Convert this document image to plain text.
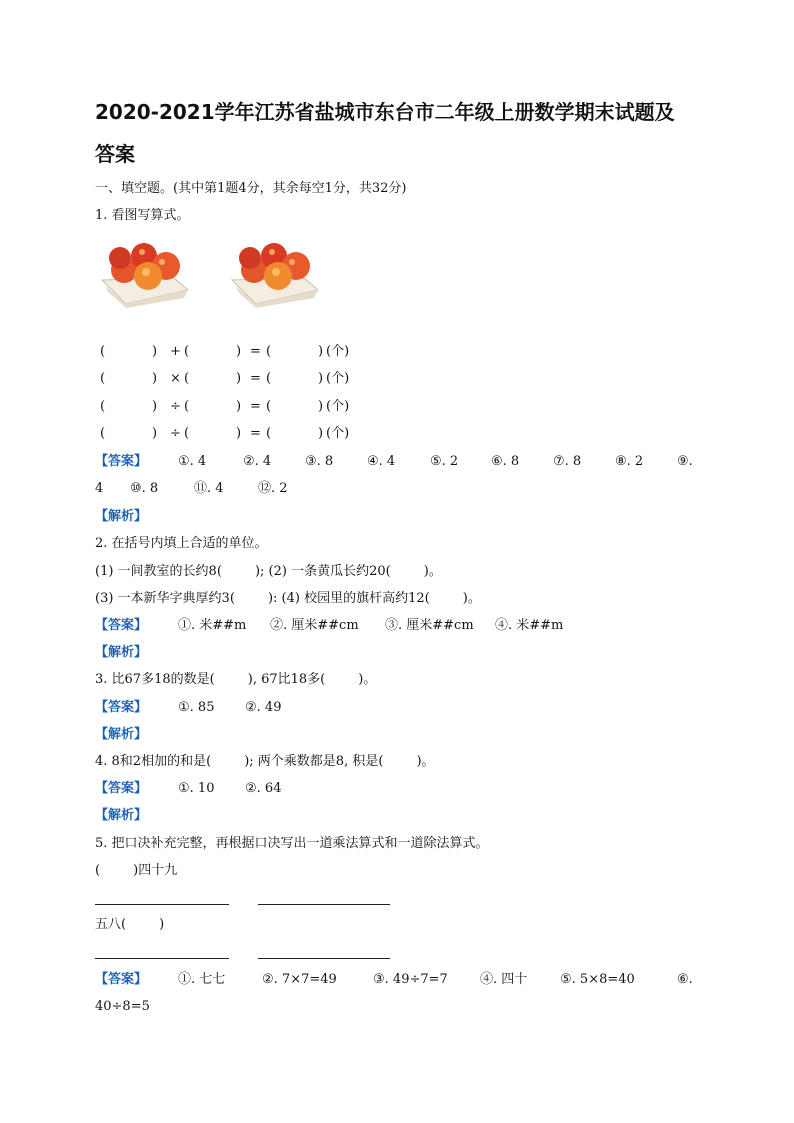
2020-2021学年江苏省盐城市东台市二年级上册数学期末试题及
答案
一、填空题。(其中第1题4分，其余每空1分，共32分)
1. 看图写算式。
(	) + (	) = (	) (个)
(	) × (	) = (	) (个)
(	) ÷ (	) = (	) (个)
(	) ÷ (	) = (	) (个)
【答案】 ①. 4	②. 4	③. 8	④. 4	⑤. 2	⑥. 8	⑦. 8	⑧. 2	⑨.
4 ⑩. 8	⑪. 4	⑫. 2
【解析】
2. 在括号内填上合适的单位。
(1) 一间教室的长约8(        ); (2) 一条黄瓜长约20(        )。
(3) 一本新华字典厚约3(        ): (4) 校园里的旗杆高约12(        )。
【答案】 ①. 米##m ②. 厘米##cm ③. 厘米##cm ④. 米##m
【解析】
3. 比67多18的数是(        ), 67比18多(        )。
【答案】 ①. 85 ②. 49
【解析】
4. 8和2相加的和是(        ); 两个乘数都是8, 积是(        )。
【答案】 ①. 10 ②. 64
【解析】
5. 把口决补充完整，再根据口决写出一道乘法算式和一道除法算式。
(        )四十九
五八(        )
【答案】 ①. 七七	②. 7×7=49	③. 49÷7=7 ④. 四十	⑤. 5×8=40	⑥.
40÷8=5
